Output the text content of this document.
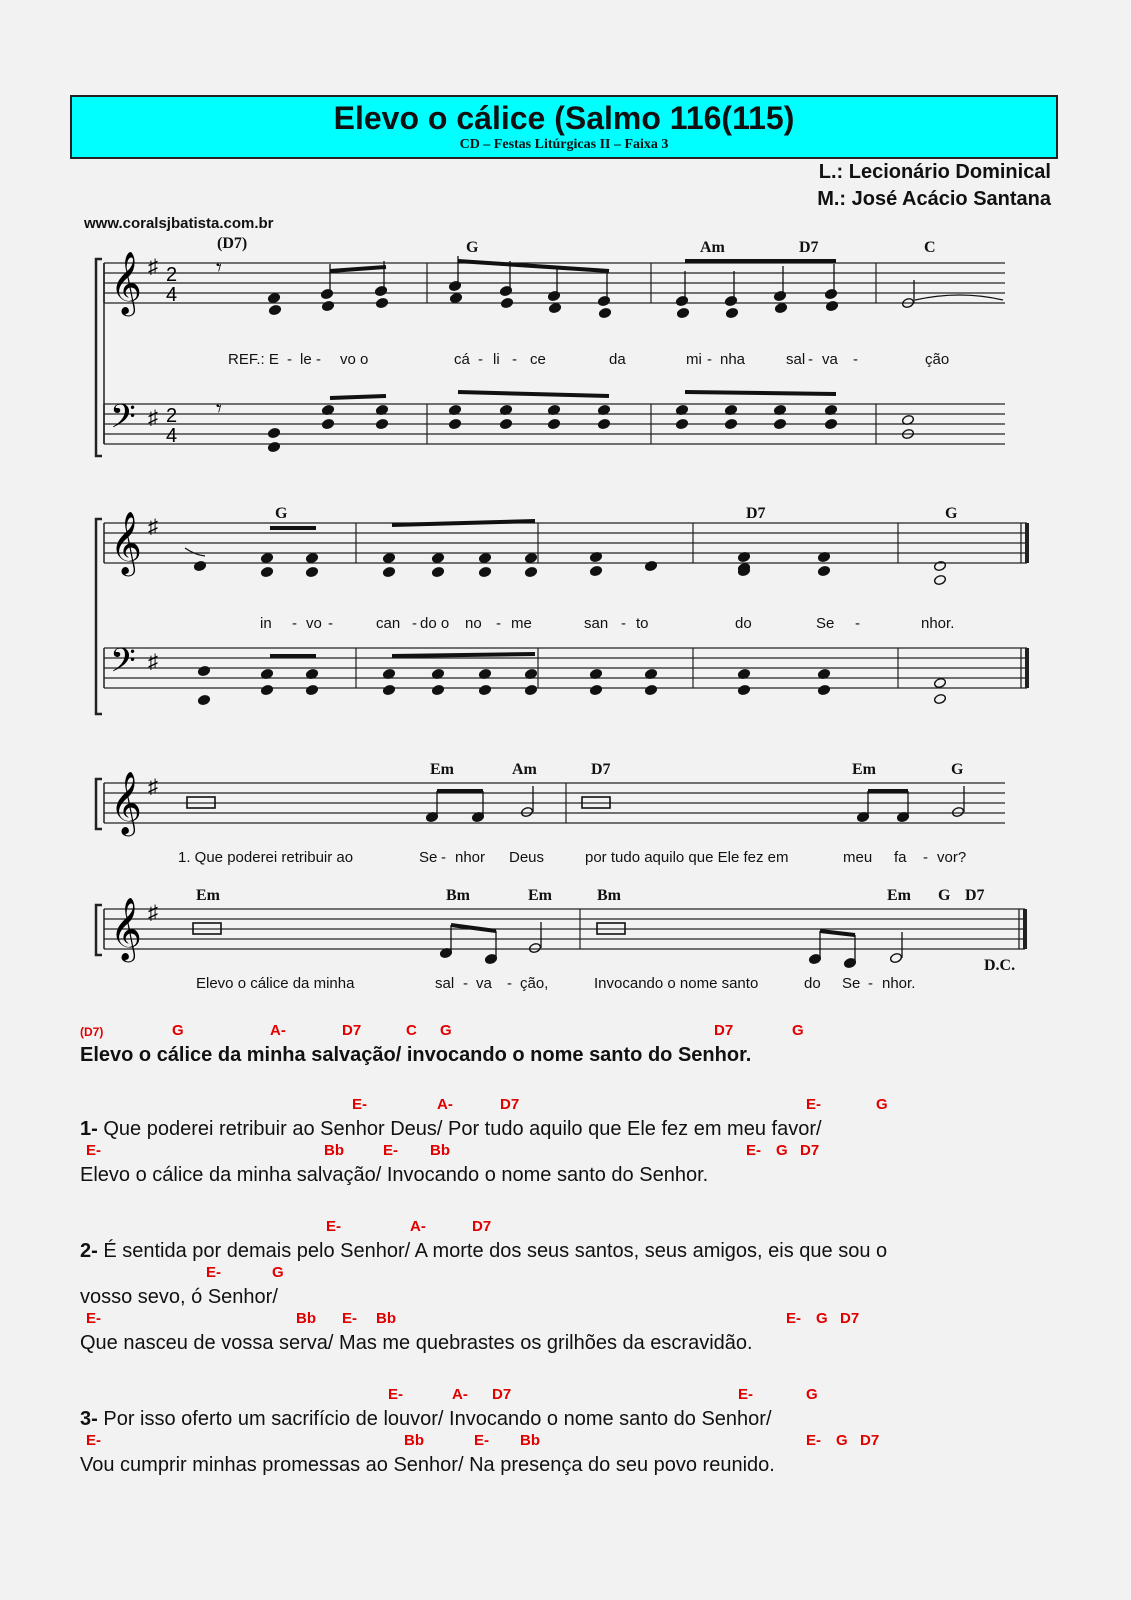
Elevo o cálice (Salmo 116(115)
CD – Festas Litúrgicas II – Faixa 3
L.: Lecionário Dominical
M.: José Acácio Santana
www.coralsjbatista.com.br
𝄞
𝄢
♯
♯
2
4
2
4
𝄾
𝄾
𝄞
𝄢
♯
♯
𝄞 ♯
𝄞 ♯
(D7)	G	Am	D7	C
G	D7	G
Em	Am	D7	Em	G
Em	Bm	Em	Bm	Em G D7
D.C.
REF.: E - le - vo o	cá - li - ce	da	mi - nha	sal - va -	ção
in - vo -	can - do o no - me	san - to	do	Se -	nhor.
1. Que poderei retribuir ao	Se - nhor Deus	por tudo aquilo que Ele fez em	meu fa - vor?
Elevo o cálice da minha	sal - va - ção,	Invocando o nome santo	do Se - nhor.
(D7)	G	A-	D7	C G	D7	G
Elevo o cálice da minha salvação/ invocando o nome santo do Senhor.
E-	A-	D7	E-	G
1- Que poderei retribuir ao Senhor Deus/ Por tudo aquilo que Ele fez em meu favor/
E-	Bb	E- Bb	E- G D7
Elevo o cálice da minha salvação/ Invocando o nome santo do Senhor.
E-	A-	D7
2- É sentida por demais pelo Senhor/ A morte dos seus santos, seus amigos, eis que sou o
E-	G
vosso sevo, ó Senhor/
E-	Bb E- Bb	E- G D7
Que nasceu de vossa serva/ Mas me quebrastes os grilhões da escravidão.
E-	A- D7	E-	G
3- Por isso oferto um sacrifício de louvor/ Invocando o nome santo do Senhor/
E-	Bb	E- Bb	E- G D7
Vou cumprir minhas promessas ao Senhor/ Na presença do seu povo reunido.
